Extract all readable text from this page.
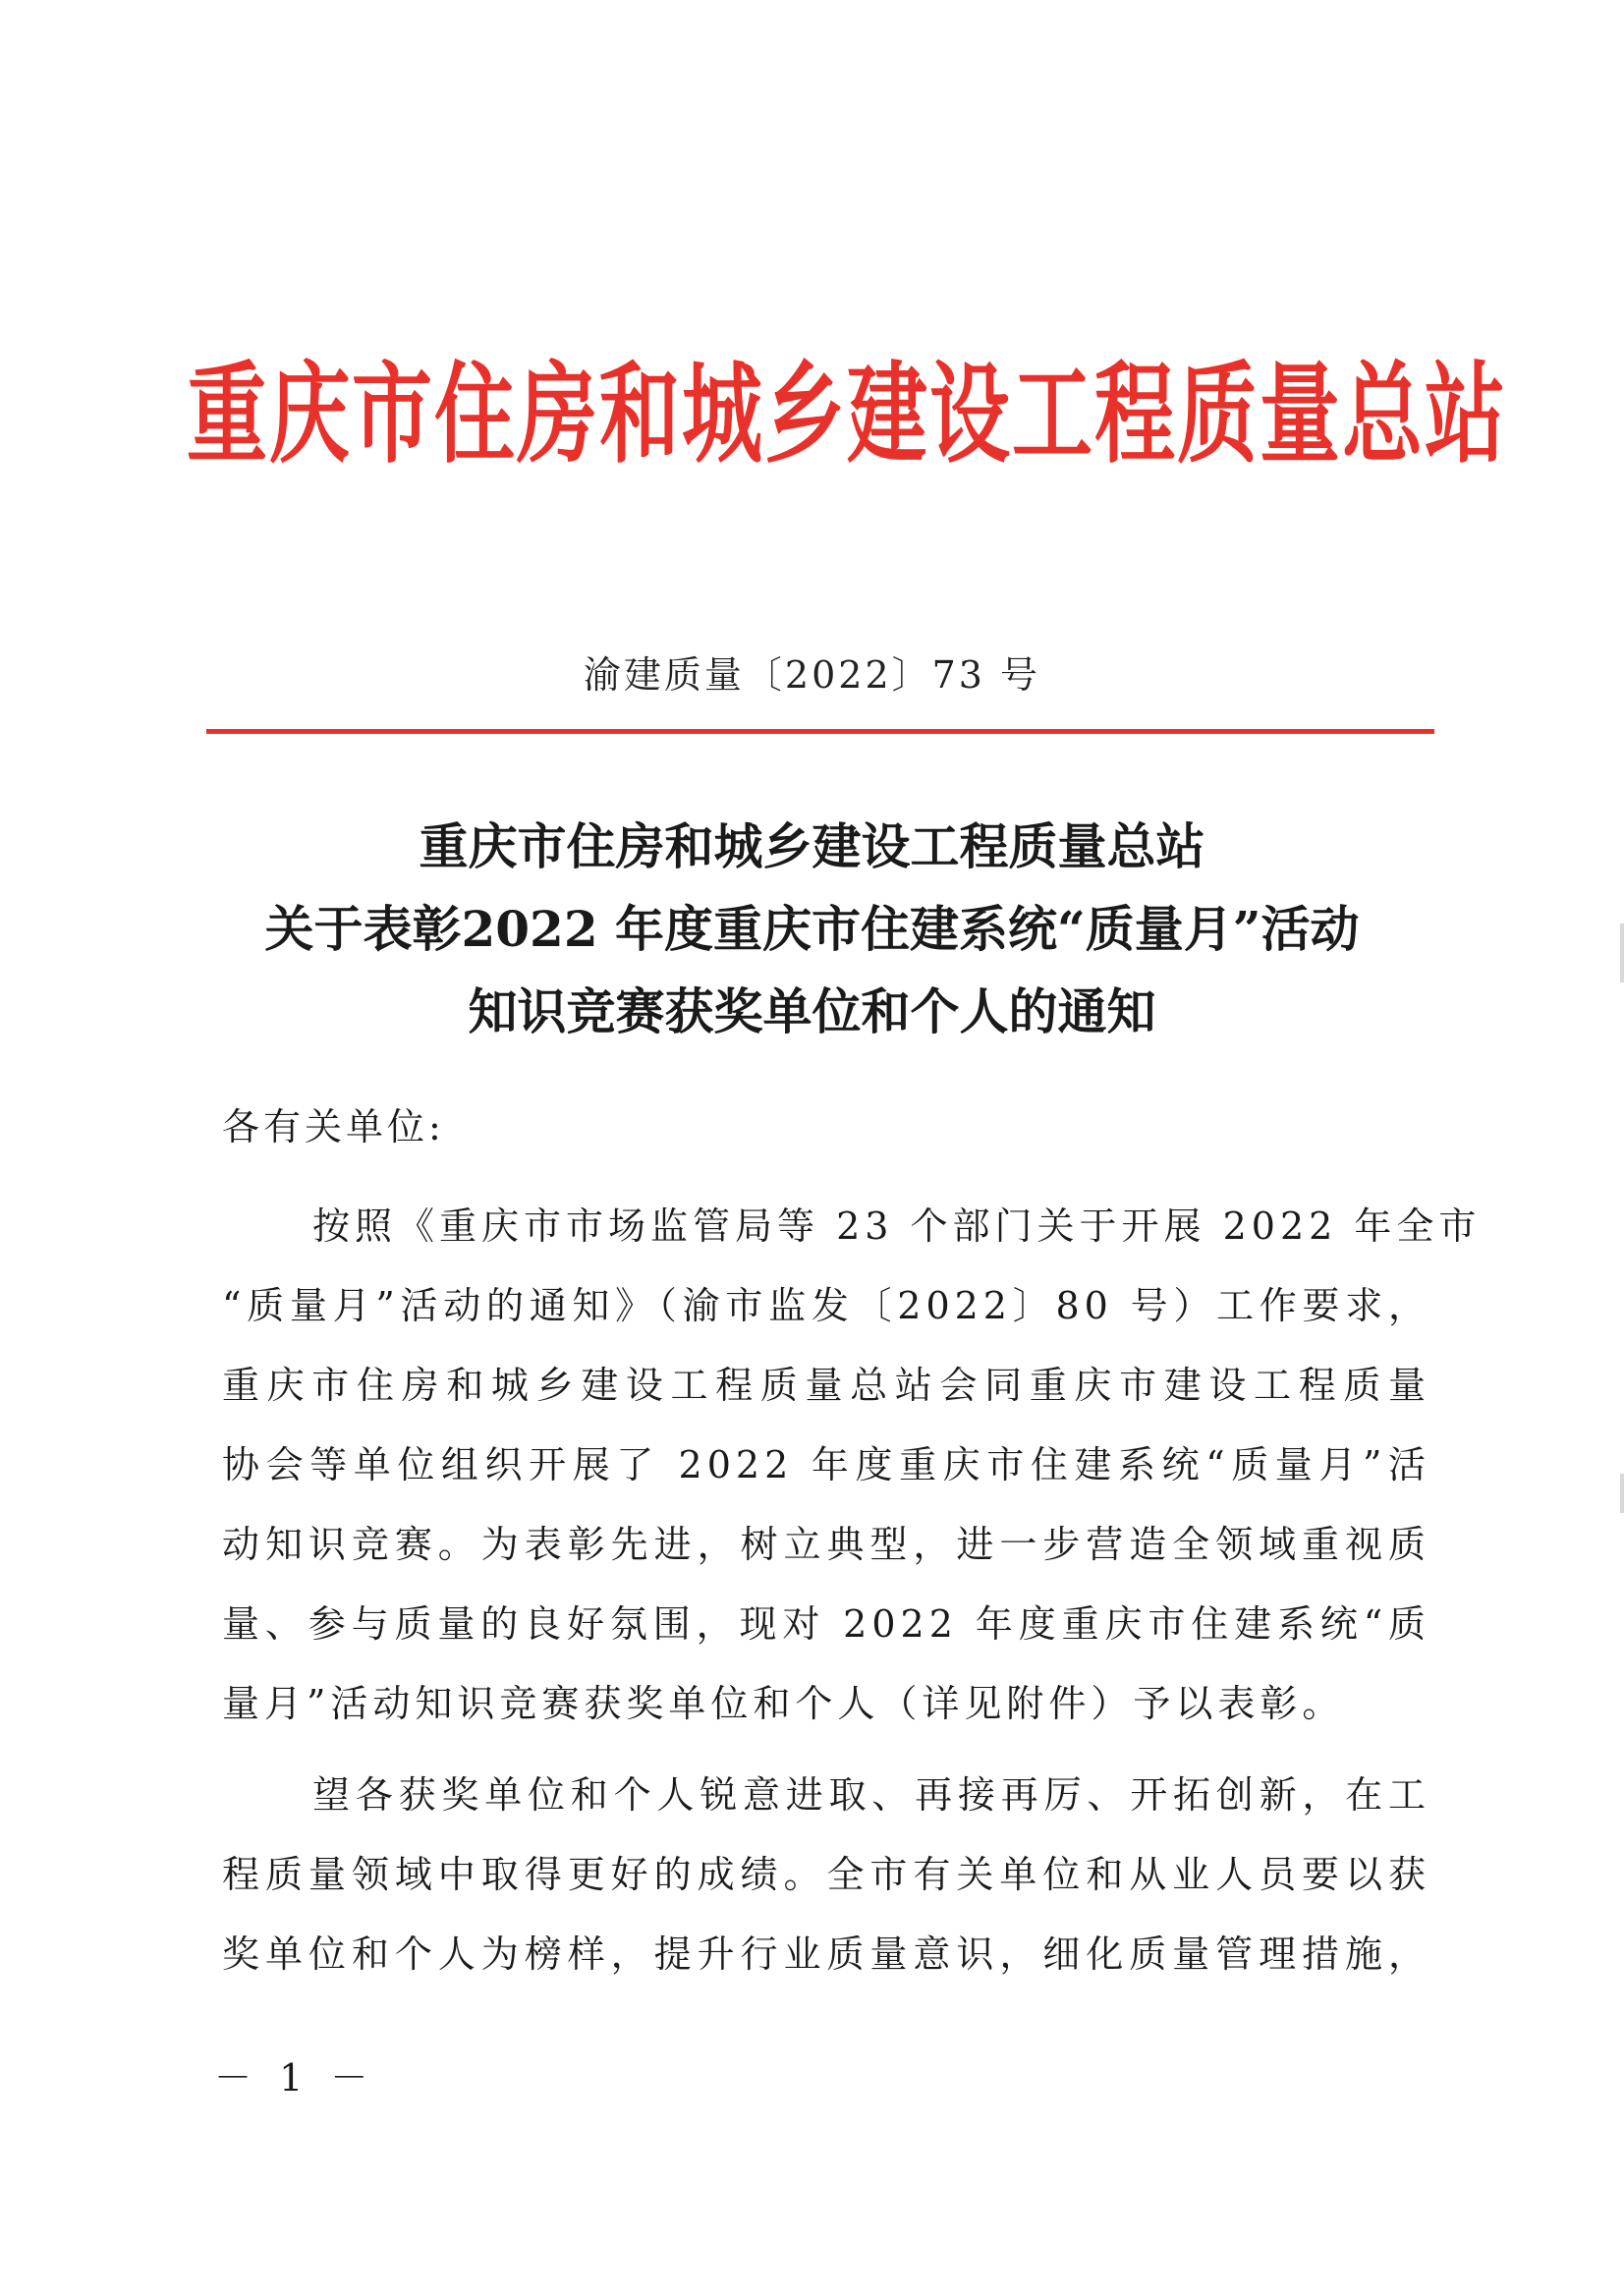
重庆市住房和城乡建设工程质量总站
渝建质量〔2022〕73 号
重庆市住房和城乡建设工程质量总站
关于表彰2022 年度重庆市住建系统“质量月”活动
知识竞赛获奖单位和个人的通知
各有关单位:
按照《重庆市市场监管局等 23 个部门关于开展 2022 年全市
“质量月”活动的通知》（渝市监发〔2022〕80 号）工作要求，
重庆市住房和城乡建设工程质量总站会同重庆市建设工程质量
协会等单位组织开展了 2022 年度重庆市住建系统“质量月”活
动知识竞赛。为表彰先进，树立典型，进一步营造全领域重视质
量、参与质量的良好氛围，现对 2022 年度重庆市住建系统“质
量月”活动知识竞赛获奖单位和个人（详见附件）予以表彰。
望各获奖单位和个人锐意进取、再接再厉、开拓创新，在工
程质量领域中取得更好的成绩。全市有关单位和从业人员要以获
奖单位和个人为榜样，提升行业质量意识，细化质量管理措施，
－ 1 －
